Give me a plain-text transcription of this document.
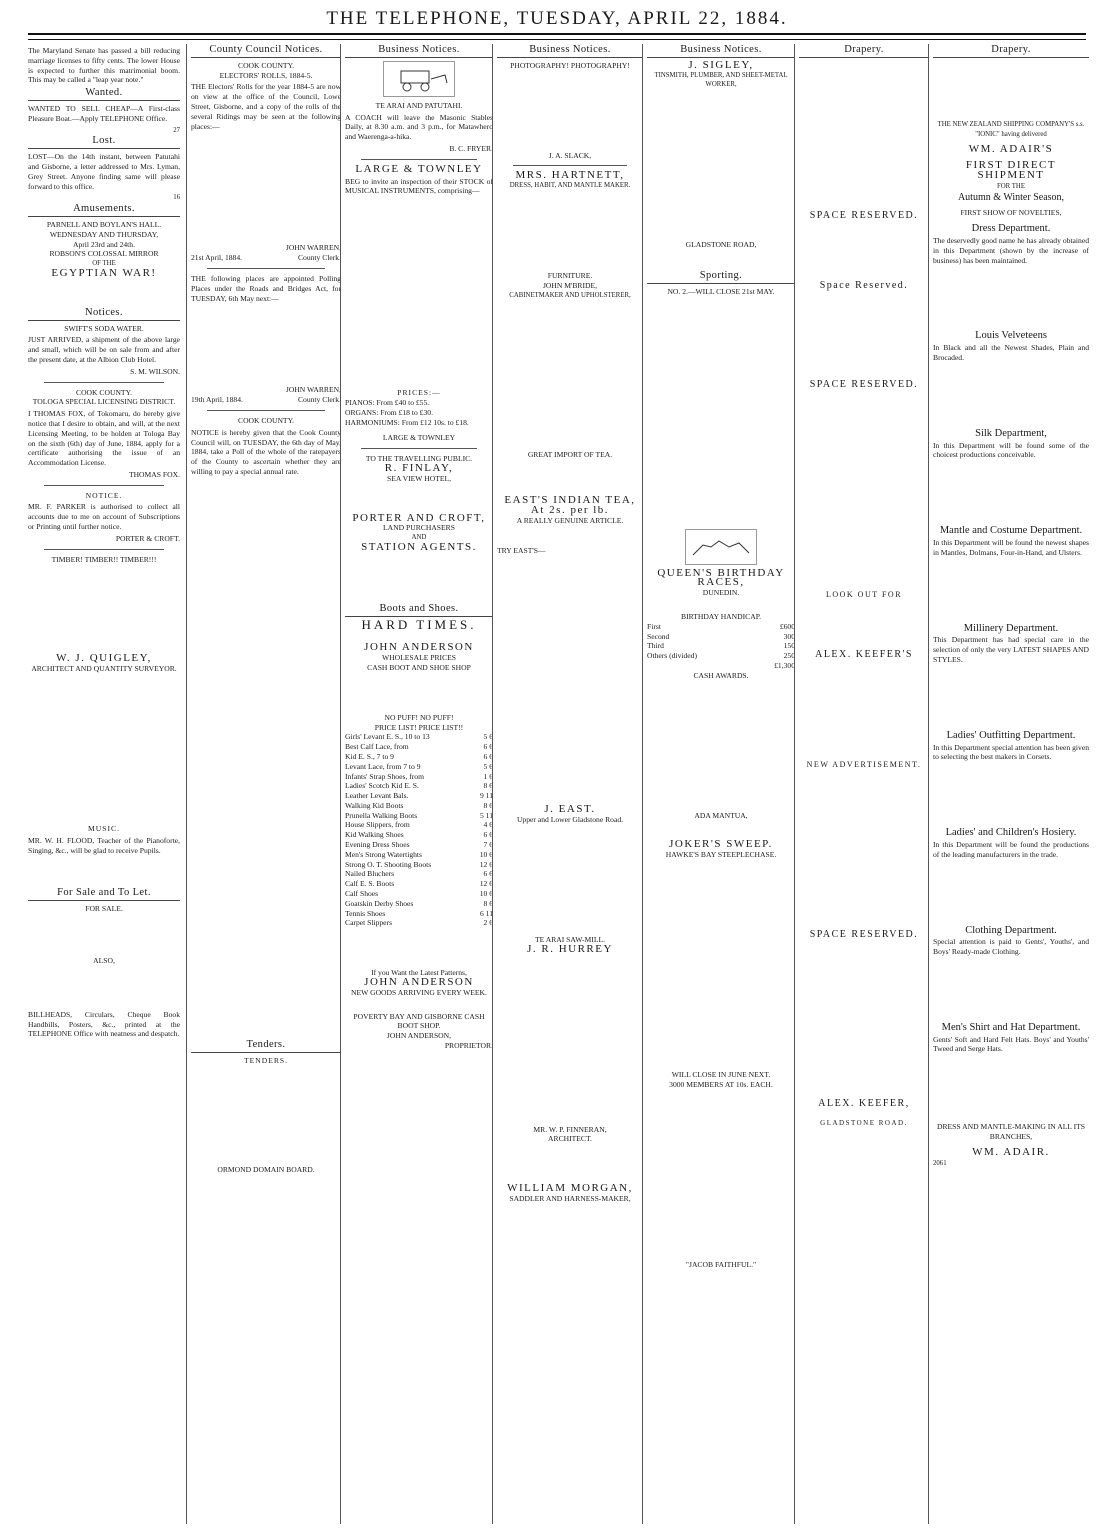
THE TELEPHONE, TUESDAY, APRIL 22, 1884.
The Maryland Senate has passed a bill reducing marriage licenses to fifty cents. The lower House is expected to further this matrimonial boom. This may be called a "leap year note."
Wanted.
WANTED TO SELL CHEAP—A First-class Pleasure Boat.—Apply TELEPHONE Office.
27
Lost.
LOST—On the 14th instant, between Patutahi and Gisborne, a letter addressed to Mrs. Lyman, Grey Street. Anyone finding same will please forward to this office.
16
Amusements.
PARNELL AND BOYLAN'S HALL.
WEDNESDAY AND THURSDAY,
April 23rd and 24th.
ROBSON'S COLOSSAL MIRROR
OF THE
EGYPTIAN WAR!
Notices.
SWIFT'S SODA WATER.
JUST ARRIVED, a shipment of the above large and small, which will be on sale from and after the present date, at the Albion Club Hotel.
S. M. WILSON.
COOK COUNTY.
TOLOGA SPECIAL LICENSING DISTRICT.
I THOMAS FOX, of Tokomaru, do hereby give notice that I desire to obtain, and will, at the next Licensing Meeting, to be holden at Tologa Bay on the sixth (6th) day of June, 1884, apply for a certificate authorising the issue of an Accommodation License.
THOMAS FOX.
NOTICE.
MR. F. PARKER is authorised to collect all accounts due to me on account of Subscriptions or Printing until further notice.
PORTER & CROFT.
TIMBER! TIMBER!! TIMBER!!!
W. J. QUIGLEY,
ARCHITECT AND QUANTITY SURVEYOR.
MUSIC.
MR. W. H. FLOOD, Teacher of the Pianoforte, Singing, &c., will be glad to receive Pupils.
For Sale and To Let.
FOR SALE.
ALSO,
BILLHEADS, Circulars, Cheque Book Handbills, Posters, &c., printed at the TELEPHONE Office with neatness and despatch.
County Council Notices.
COOK COUNTY.
ELECTORS' ROLLS, 1884-5.
THE Electors' Rolls for the year 1884-5 are now on view at the office of the Council, Lowe Street, Gisborne, and a copy of the rolls of the several Ridings may be seen at the following places:—
JOHN WARREN,
21st April, 1884.	County Clerk.
THE following places are appointed Polling Places under the Roads and Bridges Act, for TUESDAY, 6th May next:—
JOHN WARREN,
19th April, 1884.	County Clerk.
COOK COUNTY.
NOTICE is hereby given that the Cook County Council will, on TUESDAY, the 6th day of May, 1884, take a Poll of the whole of the ratepayers of the County to ascertain whether they are willing to pay a special annual rate.
Tenders.
TENDERS.
ORMOND DOMAIN BOARD.
Business Notices.
TE ARAI AND PATUTAHI.
A COACH will leave the Masonic Stables Daily, at 8.30 a.m. and 3 p.m., for Matawhero and Waerenga-a-hika.
B. C. FRYER.
LARGE & TOWNLEY
BEG to invite an inspection of their STOCK of MUSICAL INSTRUMENTS, comprising—
PRICES:—
PIANOS: From £40 to £55.
ORGANS: From £18 to £30.
HARMONIUMS: From £12 10s. to £18.
LARGE & TOWNLEY
TO THE TRAVELLING PUBLIC.
R. FINLAY,
SEA VIEW HOTEL,
PORTER AND CROFT,
LAND PURCHASERS
AND
STATION AGENTS.
Boots and Shoes.
HARD TIMES.
JOHN ANDERSON
WHOLESALE PRICES
CASH BOOT AND SHOE SHOP
NO PUFF! NO PUFF!
PRICE LIST! PRICE LIST!!
Girls' Levant E. S., 10 to 13	5 6
Best Calf Lace, from	6 6
Kid E. S., 7 to 9	6 6
Levant Lace, from 7 to 9	5 6
Infants' Strap Shoes, from	1 6
Ladies' Scotch Kid E. S.	8 6
Leather Levant Bals.	9 11
Walking Kid Boots	8 6
Prunella Walking Boots	5 11
House Slippers, from	4 6
Kid Walking Shoes	6 6
Evening Dress Shoes	7 6
Men's Strong Watertights	10 6
Strong O. T. Shooting Boots	12 6
Nailed Bluchers	6 6
Calf E. S. Boots	12 6
Calf Shoes	10 6
Goatskin Derby Shoes	8 6
Tennis Shoes	6 11
Carpet Slippers	2 6
If you Want the Latest Patterns,
JOHN ANDERSON
NEW GOODS ARRIVING EVERY WEEK.
POVERTY BAY AND GISBORNE CASH BOOT SHOP.
JOHN ANDERSON,
PROPRIETOR.
Business Notices.
PHOTOGRAPHY! PHOTOGRAPHY!
J. A. SLACK,
MRS. HARTNETT,
DRESS, HABIT, AND MANTLE MAKER.
FURNITURE.
JOHN M'BRIDE,
CABINETMAKER AND UPHOLSTERER,
GREAT IMPORT OF TEA.
EAST'S INDIAN TEA,
At 2s. per lb.
A REALLY GENUINE ARTICLE.
TRY EAST'S—
J. EAST.
Upper and Lower Gladstone Road.
TE ARAI SAW-MILL.
J. R. HURREY
MR. W. P. FINNERAN,
ARCHITECT.
WILLIAM MORGAN,
SADDLER AND HARNESS-MAKER,
Business Notices.
J. SIGLEY,
TINSMITH, PLUMBER, AND SHEET-METAL WORKER,
GLADSTONE ROAD,
Sporting.
NO. 2.—WILL CLOSE 21st MAY.
QUEEN'S BIRTHDAY RACES,
DUNEDIN.
BIRTHDAY HANDICAP.
First	£600
Second	300
Third	150
Others (divided)	250
£1,300
CASH AWARDS.
ADA MANTUA,
JOKER'S SWEEP.
HAWKE'S BAY STEEPLECHASE.
WILL CLOSE IN JUNE NEXT.
3000 MEMBERS AT 10s. EACH.
"JACOB FAITHFUL."
Drapery.
SPACE RESERVED.
Space Reserved.
SPACE RESERVED.
LOOK OUT FOR
ALEX. KEEFER'S
NEW ADVERTISEMENT.
SPACE RESERVED.
ALEX. KEEFER,
GLADSTONE ROAD.
Drapery.
THE NEW ZEALAND SHIPPING COMPANY'S s.s. "IONIC" having delivered
WM. ADAIR'S
FIRST DIRECT SHIPMENT
FOR THE
Autumn & Winter Season,
FIRST SHOW OF NOVELTIES,
Dress Department.
The deservedly good name he has already obtained in this Department (shown by the increase of business) has been maintained.
Louis Velveteens
In Black and all the Newest Shades, Plain and Brocaded.
Silk Department,
In this Department will be found some of the choicest productions conceivable.
Mantle and Costume Department.
In this Department will be found the newest shapes in Mantles, Dolmans, Four-in-Hand, and Ulsters.
Millinery Department.
This Department has had special care in the selection of only the very LATEST SHAPES AND STYLES.
Ladies' Outfitting Department.
In this Department special attention has been given to selecting the best makers in Corsets.
Ladies' and Children's Hosiery.
In this Department will be found the productions of the leading manufacturers in the trade.
Clothing Department.
Special attention is paid to Gents', Youths', and Boys' Ready-made Clothing.
Men's Shirt and Hat Department.
Gents' Soft and Hard Felt Hats. Boys' and Youths' Tweed and Serge Hats.
DRESS AND MANTLE-MAKING IN ALL ITS BRANCHES,
WM. ADAIR.
2061
